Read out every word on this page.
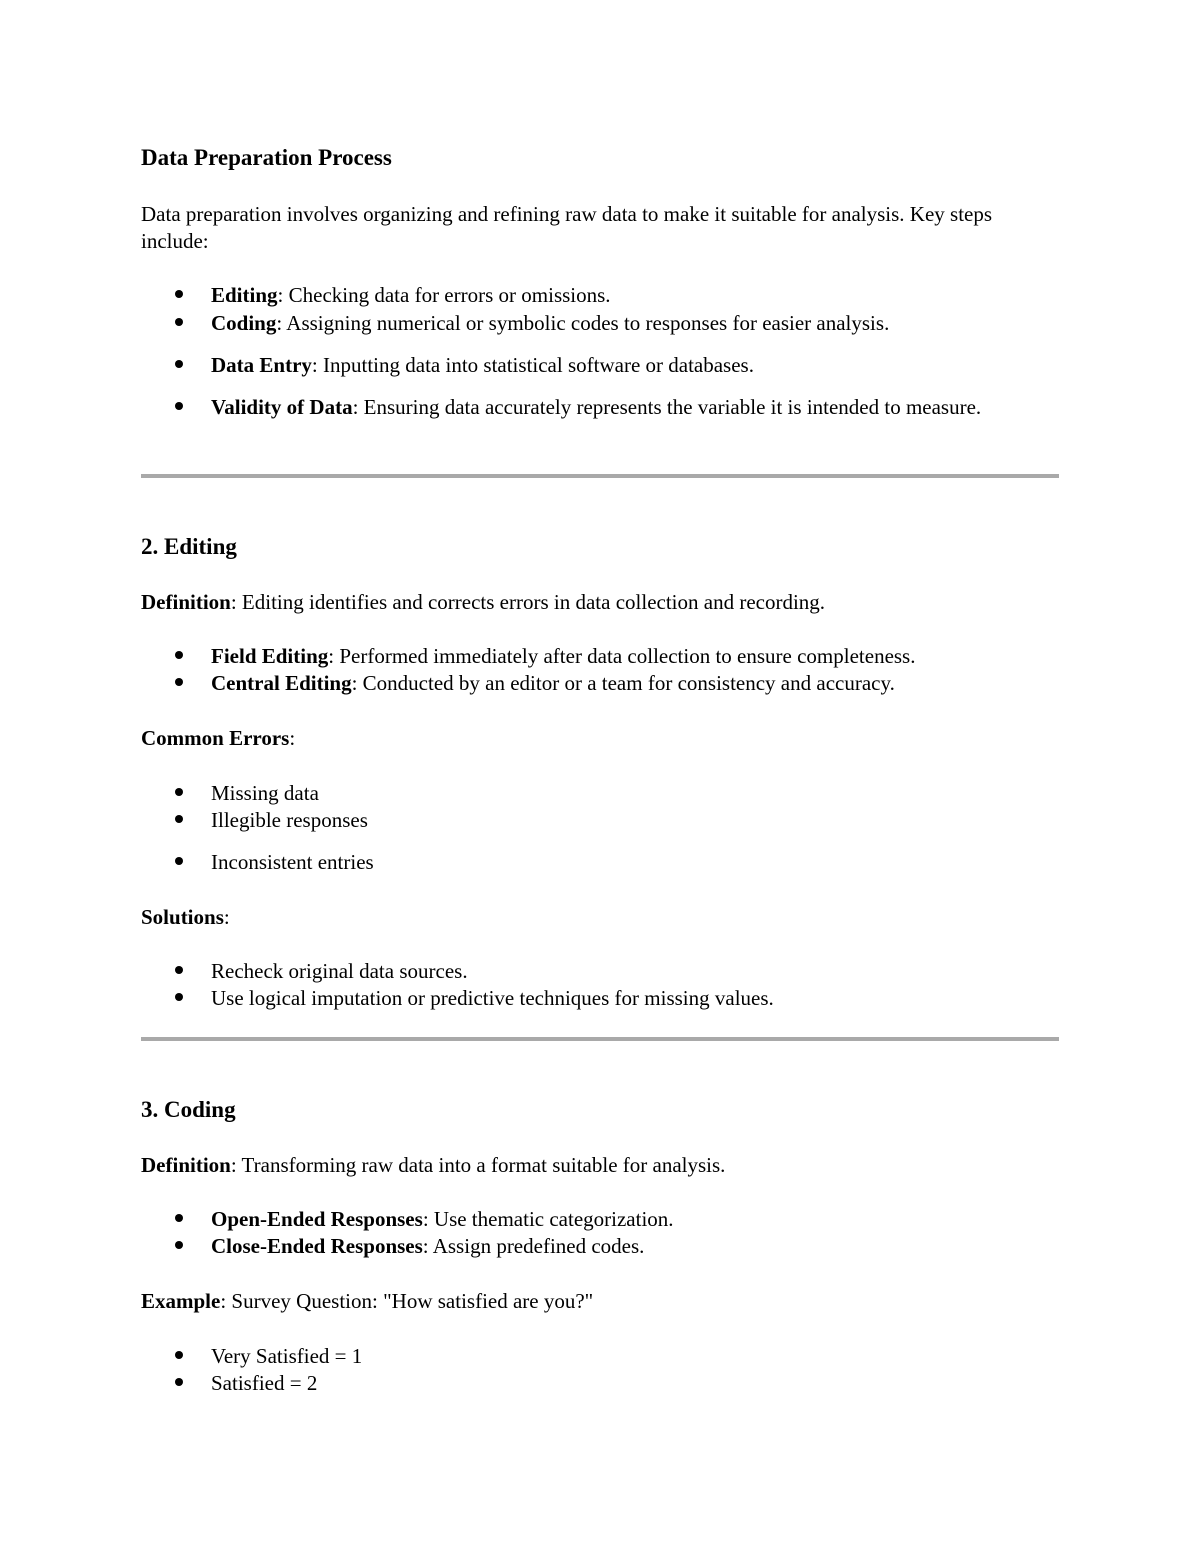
Data Preparation Process
Data preparation involves organizing and refining raw data to make it suitable for analysis. Key steps include:
Editing: Checking data for errors or omissions.
Coding: Assigning numerical or symbolic codes to responses for easier analysis.
Data Entry: Inputting data into statistical software or databases.
Validity of Data: Ensuring data accurately represents the variable it is intended to measure.
2. Editing
Definition: Editing identifies and corrects errors in data collection and recording.
Field Editing: Performed immediately after data collection to ensure completeness.
Central Editing: Conducted by an editor or a team for consistency and accuracy.
Common Errors:
Missing data
Illegible responses
Inconsistent entries
Solutions:
Recheck original data sources.
Use logical imputation or predictive techniques for missing values.
3. Coding
Definition: Transforming raw data into a format suitable for analysis.
Open-Ended Responses: Use thematic categorization.
Close-Ended Responses: Assign predefined codes.
Example: Survey Question: "How satisfied are you?"
Very Satisfied = 1
Satisfied = 2
